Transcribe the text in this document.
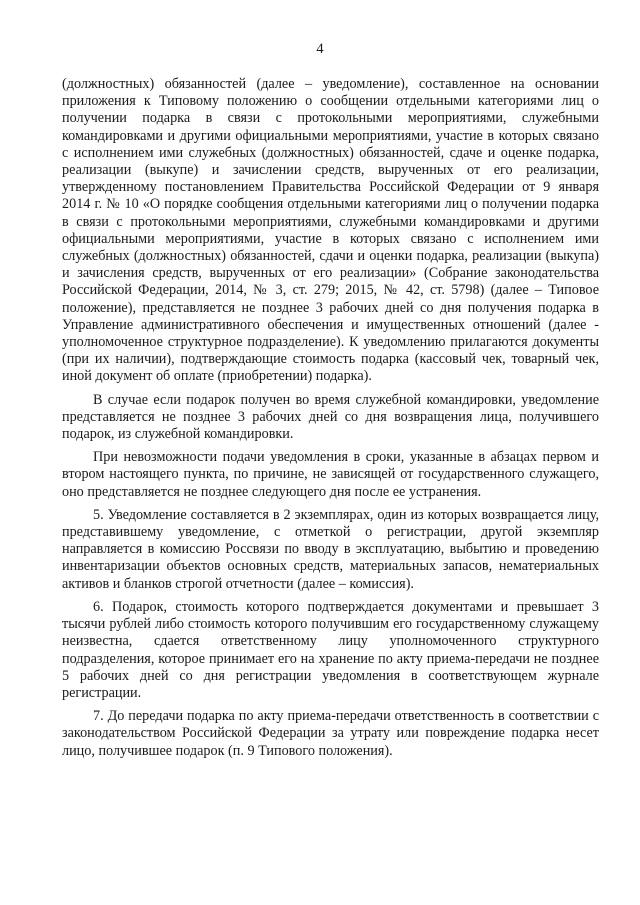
4

(должностных) обязанностей (далее – уведомление), составленное на основании приложения к Типовому положению о сообщении отдельными категориями лиц о получении подарка в связи с протокольными мероприятиями, служебными командировками и другими официальными мероприятиями, участие в которых связано с исполнением ими служебных (должностных) обязанностей, сдаче и оценке подарка, реализации (выкупе) и зачислении средств, вырученных от его реализации, утвержденному постановлением Правительства Российской Федерации от 9 января 2014 г. № 10 «О порядке сообщения отдельными категориями лиц о получении подарка в связи с протокольными мероприятиями, служебными командировками и другими официальными мероприятиями, участие в которых связано с исполнением ими служебных (должностных) обязанностей, сдачи и оценки подарка, реализации (выкупа) и зачисления средств, вырученных от его реализации» (Собрание законодательства Российской Федерации, 2014, № 3, ст. 279; 2015, № 42, ст. 5798) (далее – Типовое положение), представляется не позднее 3 рабочих дней со дня получения подарка в Управление административного обеспечения и имущественных отношений (далее - уполномоченное структурное подразделение). К уведомлению прилагаются документы (при их наличии), подтверждающие стоимость подарка (кассовый чек, товарный чек, иной документ об оплате (приобретении) подарка).

В случае если подарок получен во время служебной командировки, уведомление представляется не позднее 3 рабочих дней со дня возвращения лица, получившего подарок, из служебной командировки.

При невозможности подачи уведомления в сроки, указанные в абзацах первом и втором настоящего пункта, по причине, не зависящей от государственного служащего, оно представляется не позднее следующего дня после ее устранения.

5. Уведомление составляется в 2 экземплярах, один из которых возвращается лицу, представившему уведомление, с отметкой о регистрации, другой экземпляр направляется в комиссию Россвязи по вводу в эксплуатацию, выбытию и проведению инвентаризации объектов основных средств, материальных запасов, нематериальных активов и бланков строгой отчетности (далее – комиссия).

6. Подарок, стоимость которого подтверждается документами и превышает 3 тысячи рублей либо стоимость которого получившим его государственному служащему неизвестна, сдается ответственному лицу уполномоченного структурного подразделения, которое принимает его на хранение по акту приема-передачи не позднее 5 рабочих дней со дня регистрации уведомления в соответствующем журнале регистрации.

7. До передачи подарка по акту приема-передачи ответственность в соответствии с законодательством Российской Федерации за утрату или повреждение подарка несет лицо, получившее подарок (п. 9 Типового положения).
